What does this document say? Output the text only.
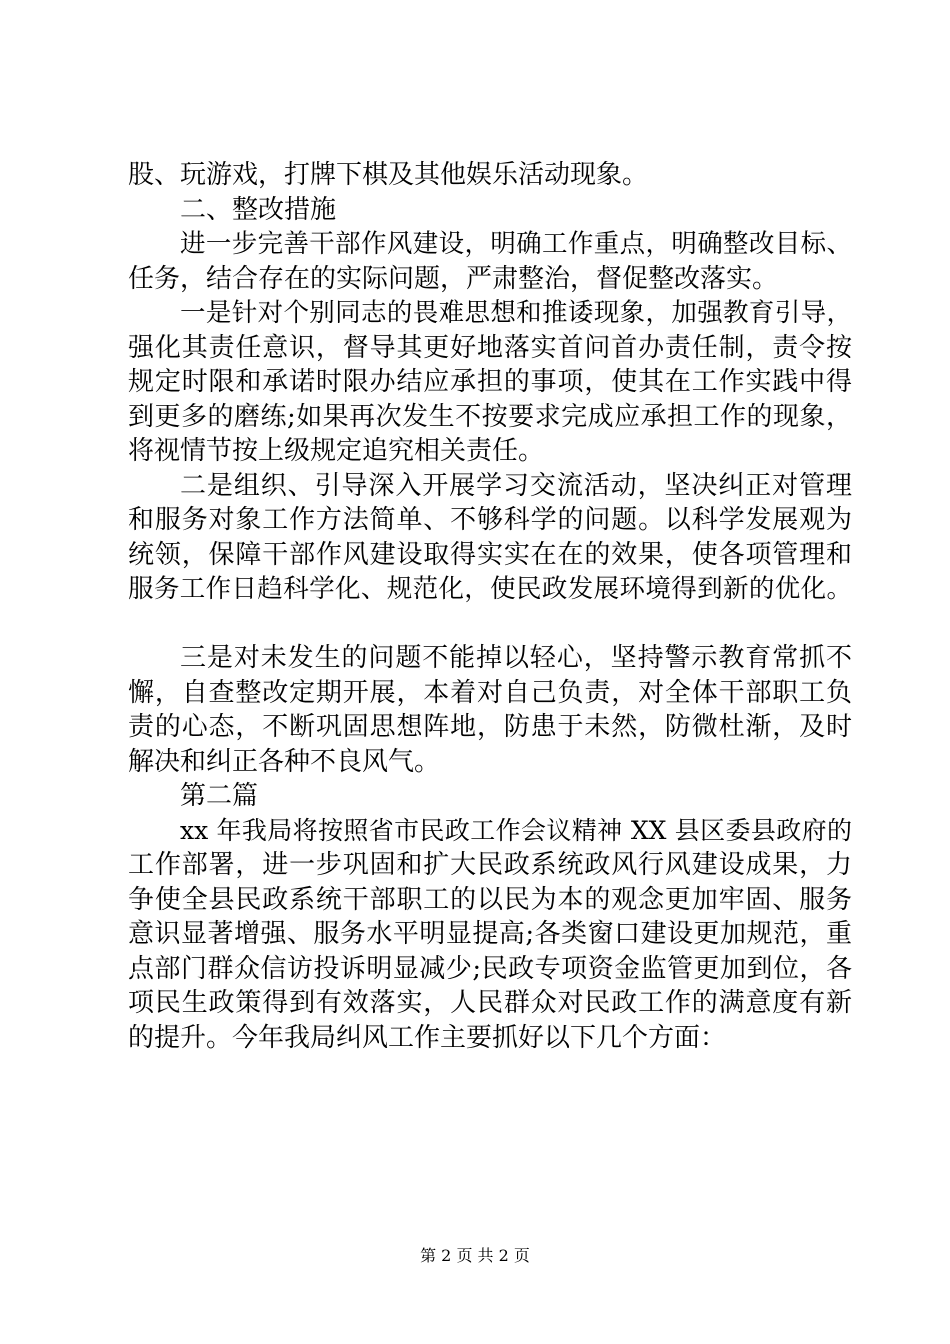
股、玩游戏，打牌下棋及其他娱乐活动现象。
二、整改措施
进一步完善干部作风建设，明确工作重点，明确整改目标、
任务，结合存在的实际问题，严肃整治，督促整改落实。
一是针对个别同志的畏难思想和推诿现象，加强教育引导，
强化其责任意识，督导其更好地落实首问首办责任制，责令按
规定时限和承诺时限办结应承担的事项，使其在工作实践中得
到更多的磨练;如果再次发生不按要求完成应承担工作的现象，
将视情节按上级规定追究相关责任。
二是组织、引导深入开展学习交流活动，坚决纠正对管理
和服务对象工作方法简单、不够科学的问题。以科学发展观为
统领，保障干部作风建设取得实实在在的效果，使各项管理和
服务工作日趋科学化、规范化，使民政发展环境得到新的优化。
三是对未发生的问题不能掉以轻心，坚持警示教育常抓不
懈，自查整改定期开展，本着对自己负责，对全体干部职工负
责的心态，不断巩固思想阵地，防患于未然，防微杜渐，及时
解决和纠正各种不良风气。
第二篇
xx 年我局将按照省市民政工作会议精神 XX 县区委县政府的
工作部署，进一步巩固和扩大民政系统政风行风建设成果，力
争使全县民政系统干部职工的以民为本的观念更加牢固、服务
意识显著增强、服务水平明显提高;各类窗口建设更加规范，重
点部门群众信访投诉明显减少;民政专项资金监管更加到位，各
项民生政策得到有效落实，人民群众对民政工作的满意度有新
的提升。今年我局纠风工作主要抓好以下几个方面：
第 2 页 共 2 页
